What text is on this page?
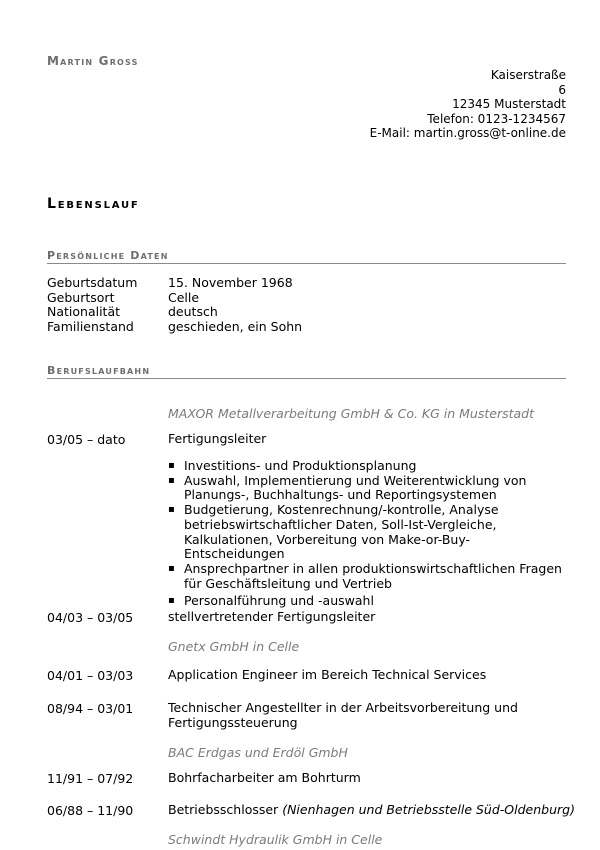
Martin Gross
Kaiserstraße
6
12345 Musterstadt
Telefon: 0123-1234567
E-Mail: martin.gross@t-online.de
Lebenslauf
Persönliche Daten
Geburtsdatum	15. November 1968
Geburtsort	Celle
Nationalität	deutsch
Familienstand	geschieden, ein Sohn
Berufslaufbahn
MAXOR Metallverarbeitung GmbH & Co. KG in Musterstadt
03/05 – dato	Fertigungsleiter
▪ Investitions- und Produktionsplanung
▪ Auswahl, Implementierung und Weiterentwicklung von Planungs-, Buchhaltungs- und Reportingsystemen
▪ Budgetierung, Kostenrechnung/-kontrolle, Analyse betriebswirtschaftlicher Daten, Soll-Ist-Vergleiche, Kalkulationen, Vorbereitung von Make-or-Buy-Entscheidungen
▪ Ansprechpartner in allen produktionswirtschaftlichen Fragen für Geschäftsleitung und Vertrieb
▪ Personalführung und -auswahl
04/03 – 03/05	stellvertretender Fertigungsleiter
Gnetx GmbH in Celle
04/01 – 03/03	Application Engineer im Bereich Technical Services
08/94 – 03/01	Technischer Angestellter in der Arbeitsvorbereitung und Fertigungssteuerung
BAC Erdgas und Erdöl GmbH
11/91 – 07/92	Bohrfacharbeiter am Bohrturm
06/88 – 11/90	Betriebsschlosser (Nienhagen und Betriebsstelle Süd-Oldenburg)
Schwindt Hydraulik GmbH in Celle
